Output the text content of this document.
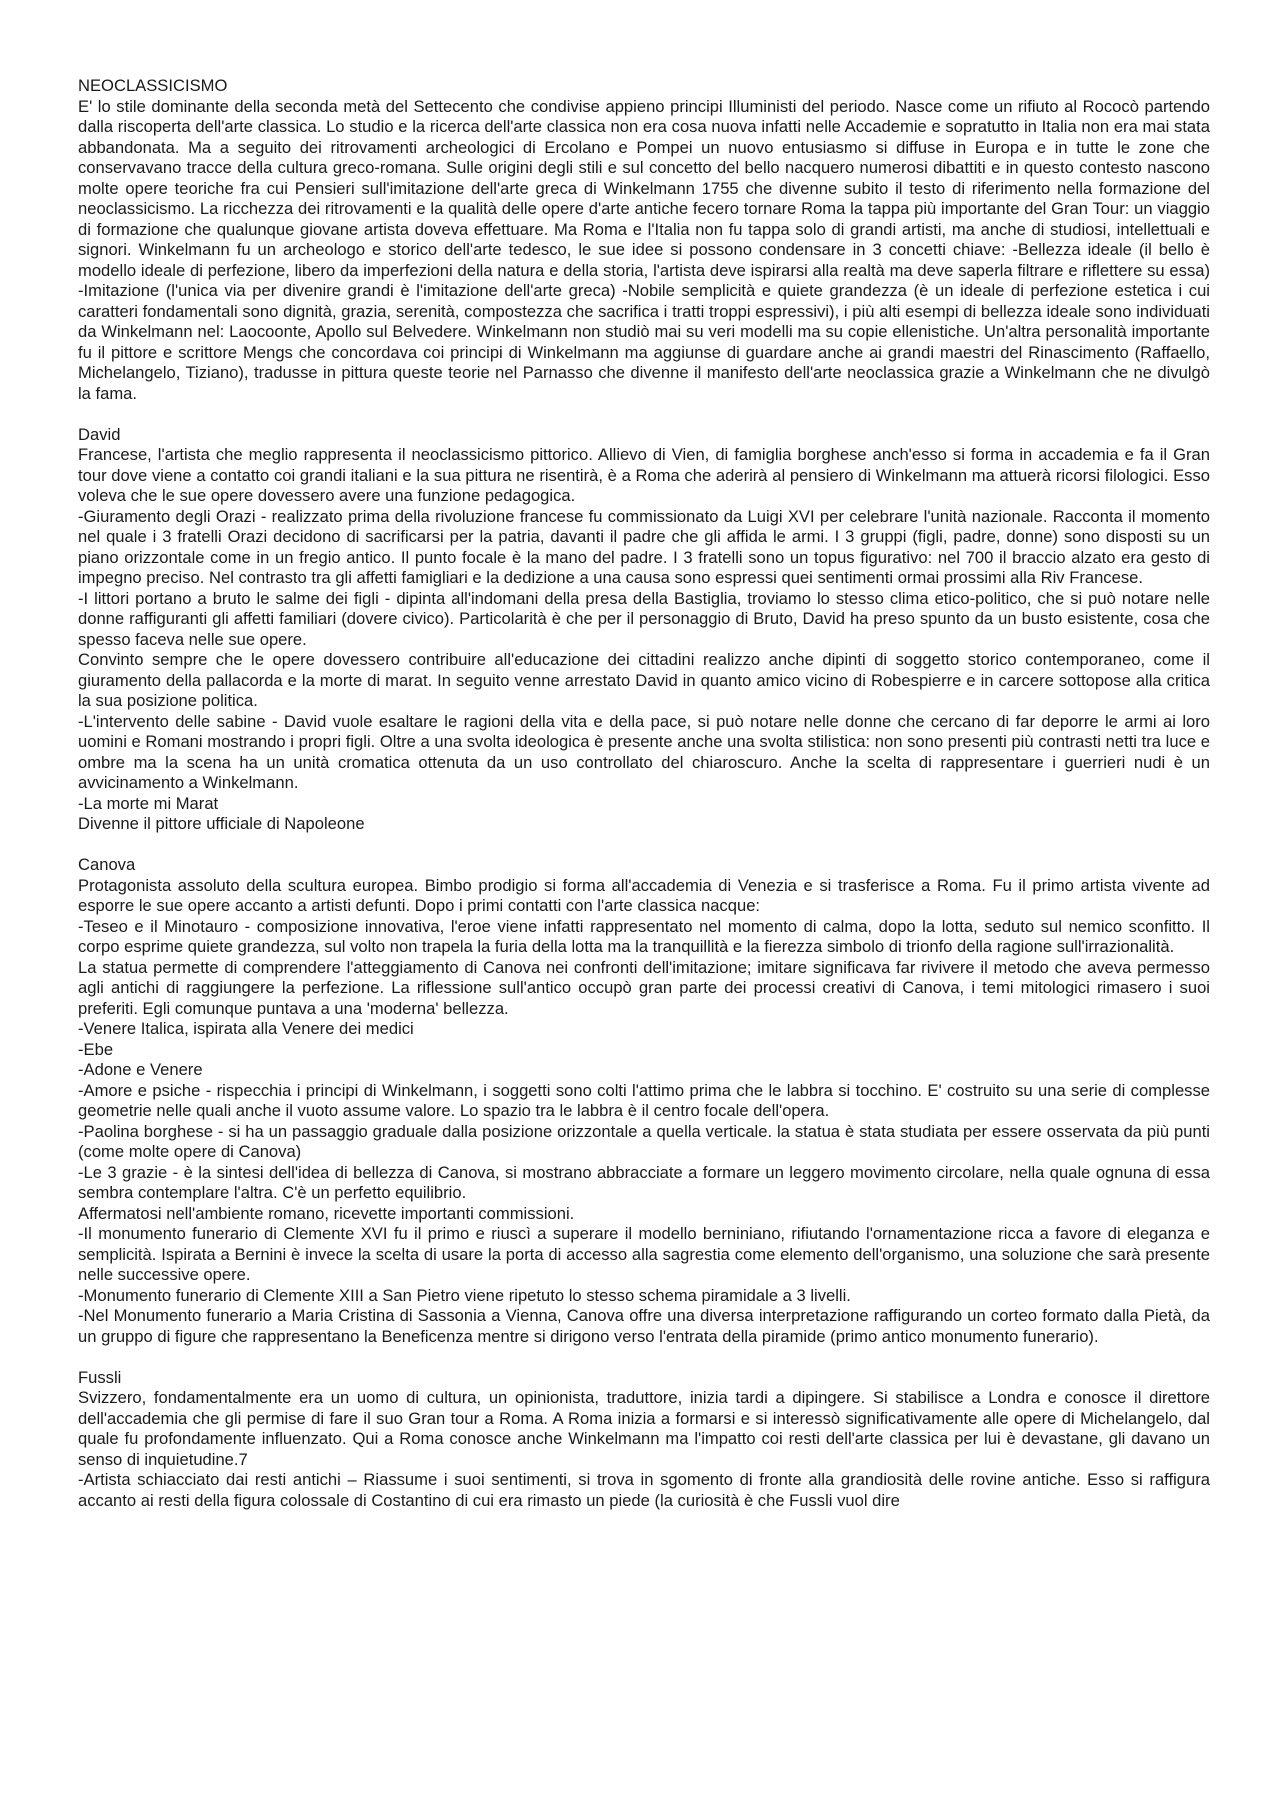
NEOCLASSICISMO

E' lo stile dominante della seconda metà del Settecento che condivise appieno principi Illuministi del periodo. Nasce come un rifiuto al Rococò partendo dalla riscoperta dell'arte classica. Lo studio e la ricerca dell'arte classica non era cosa nuova infatti nelle Accademie e sopratutto in Italia non era mai stata abbandonata. Ma a seguito dei ritrovamenti archeologici di Ercolano e Pompei un nuovo entusiasmo si diffuse in Europa e in tutte le zone che conservavano tracce della cultura greco-romana. Sulle origini degli stili e sul concetto del bello nacquero numerosi dibattiti e in questo contesto nascono molte opere teoriche fra cui Pensieri sull'imitazione dell'arte greca di Winkelmann 1755 che divenne subito il testo di riferimento nella formazione del neoclassicismo. La ricchezza dei ritrovamenti e la qualità delle opere d'arte antiche fecero tornare Roma la tappa più importante del Gran Tour: un viaggio di formazione che qualunque giovane artista doveva effettuare. Ma Roma e l'Italia non fu tappa solo di grandi artisti, ma anche di studiosi, intellettuali e signori. Winkelmann fu un archeologo e storico dell'arte tedesco, le sue idee si possono condensare in 3 concetti chiave: -Bellezza ideale (il bello è modello ideale di perfezione, libero da imperfezioni della natura e della storia, l'artista deve ispirarsi alla realtà ma deve saperla filtrare e riflettere su essa) -Imitazione (l'unica via per divenire grandi è l'imitazione dell'arte greca) -Nobile semplicità e quiete grandezza (è un ideale di perfezione estetica i cui caratteri fondamentali sono dignità, grazia, serenità, compostezza che sacrifica i tratti troppi espressivi), i più alti esempi di bellezza ideale sono individuati da Winkelmann nel: Laocoonte, Apollo sul Belvedere. Winkelmann non studiò mai su veri modelli ma su copie ellenistiche. Un'altra personalità importante fu il pittore e scrittore Mengs che concordava coi principi di Winkelmann ma aggiunse di guardare anche ai grandi maestri del Rinascimento (Raffaello, Michelangelo, Tiziano), tradusse in pittura queste teorie nel Parnasso che divenne il manifesto dell'arte neoclassica grazie a Winkelmann che ne divulgò la fama.

David

Francese, l'artista che meglio rappresenta il neoclassicismo pittorico. Allievo di Vien, di famiglia borghese anch'esso si forma in accademia e fa il Gran tour dove viene a contatto coi grandi italiani e la sua pittura ne risentirà, è a Roma che aderirà al pensiero di Winkelmann ma attuerà ricorsi filologici. Esso voleva che le sue opere dovessero avere una funzione pedagogica.

-Giuramento degli Orazi - realizzato prima della rivoluzione francese fu commissionato da Luigi XVI per celebrare l'unità nazionale. Racconta il momento nel quale i 3 fratelli Orazi decidono di sacrificarsi per la patria, davanti il padre che gli affida le armi. I 3 gruppi (figli, padre, donne) sono disposti su un piano orizzontale come in un fregio antico. Il punto focale è la mano del padre. I 3 fratelli sono un topus figurativo: nel 700 il braccio alzato era gesto di impegno preciso. Nel contrasto tra gli affetti famigliari e la dedizione a una causa sono espressi quei sentimenti ormai prossimi alla Riv Francese.

-I littori portano a bruto le salme dei figli - dipinta all'indomani della presa della Bastiglia, troviamo lo stesso clima etico-politico, che si può notare nelle donne raffiguranti gli affetti familiari (dovere civico). Particolarità è che per il personaggio di Bruto, David ha preso spunto da un busto esistente, cosa che spesso faceva nelle sue opere.

Convinto sempre che le opere dovessero contribuire all'educazione dei cittadini realizzo anche dipinti di soggetto storico contemporaneo, come il giuramento della pallacorda e la morte di marat. In seguito venne arrestato David in quanto amico vicino di Robespierre e in carcere sottopose alla critica la sua posizione politica.

-L'intervento delle sabine - David vuole esaltare le ragioni della vita e della pace, si può notare nelle donne che cercano di far deporre le armi ai loro uomini e Romani mostrando i propri figli. Oltre a una svolta ideologica è presente anche una svolta stilistica: non sono presenti più contrasti netti tra luce e ombre ma la scena ha un unità cromatica ottenuta da un uso controllato del chiaroscuro. Anche la scelta di rappresentare i guerrieri nudi è un avvicinamento a Winkelmann.

-La morte mi Marat

Divenne il pittore ufficiale di Napoleone

Canova

Protagonista assoluto della scultura europea. Bimbo prodigio si forma all'accademia di Venezia e si trasferisce a Roma. Fu il primo artista vivente ad esporre le sue opere accanto a artisti defunti. Dopo i primi contatti con l'arte classica nacque:

-Teseo e il Minotauro - composizione innovativa, l'eroe viene infatti rappresentato nel momento di calma, dopo la lotta, seduto sul nemico sconfitto. Il corpo esprime quiete grandezza, sul volto non trapela la furia della lotta ma la tranquillità e la fierezza simbolo di trionfo della ragione sull'irrazionalità.

La statua permette di comprendere l'atteggiamento di Canova nei confronti dell'imitazione; imitare significava far rivivere il metodo che aveva permesso agli antichi di raggiungere la perfezione. La riflessione sull'antico occupò gran parte dei processi creativi di Canova, i temi mitologici rimasero i suoi preferiti. Egli comunque puntava a una 'moderna' bellezza.

-Venere Italica, ispirata alla Venere dei medici

-Ebe

-Adone e Venere

-Amore e psiche - rispecchia i principi di Winkelmann, i soggetti sono colti l'attimo prima che le labbra si tocchino. E' costruito su una serie di complesse geometrie nelle quali anche il vuoto assume valore. Lo spazio tra le labbra è il centro focale dell'opera.

-Paolina borghese - si ha un passaggio graduale dalla posizione orizzontale a quella verticale. la statua è stata studiata per essere osservata da più punti (come molte opere di Canova)

-Le 3 grazie - è la sintesi dell'idea di bellezza di Canova, si mostrano abbracciate a formare un leggero movimento circolare, nella quale ognuna di essa sembra contemplare l'altra. C'è un perfetto equilibrio.

Affermatosi nell'ambiente romano, ricevette importanti commissioni.

-Il monumento funerario di Clemente XVI fu il primo e riuscì a superare il modello berniniano, rifiutando l'ornamentazione ricca a favore di eleganza e semplicità. Ispirata a Bernini è invece la scelta di usare la porta di accesso alla sagrestia come elemento dell'organismo, una soluzione che sarà presente nelle successive opere.

-Monumento funerario di Clemente XIII a San Pietro viene ripetuto lo stesso schema piramidale a 3 livelli.

-Nel Monumento funerario a Maria Cristina di Sassonia a Vienna, Canova offre una diversa interpretazione raffigurando un corteo formato dalla Pietà, da un gruppo di figure che rappresentano la Beneficenza mentre si dirigono verso l'entrata della piramide (primo antico monumento funerario).

Fussli

Svizzero, fondamentalmente era un uomo di cultura, un opinionista, traduttore, inizia tardi a dipingere. Si stabilisce a Londra e conosce il direttore dell'accademia che gli permise di fare il suo Gran tour a Roma. A Roma inizia a formarsi e si interessò significativamente alle opere di Michelangelo, dal quale fu profondamente influenzato. Qui a Roma conosce anche Winkelmann ma l'impatto coi resti dell'arte classica per lui è devastane, gli davano un senso di inquietudine.7

-Artista schiacciato dai resti antichi – Riassume i suoi sentimenti, si trova in sgomento di fronte alla grandiosità delle rovine antiche. Esso si raffigura accanto ai resti della figura colossale di Costantino di cui era rimasto un piede (la curiosità è che Fussli vuol dire
